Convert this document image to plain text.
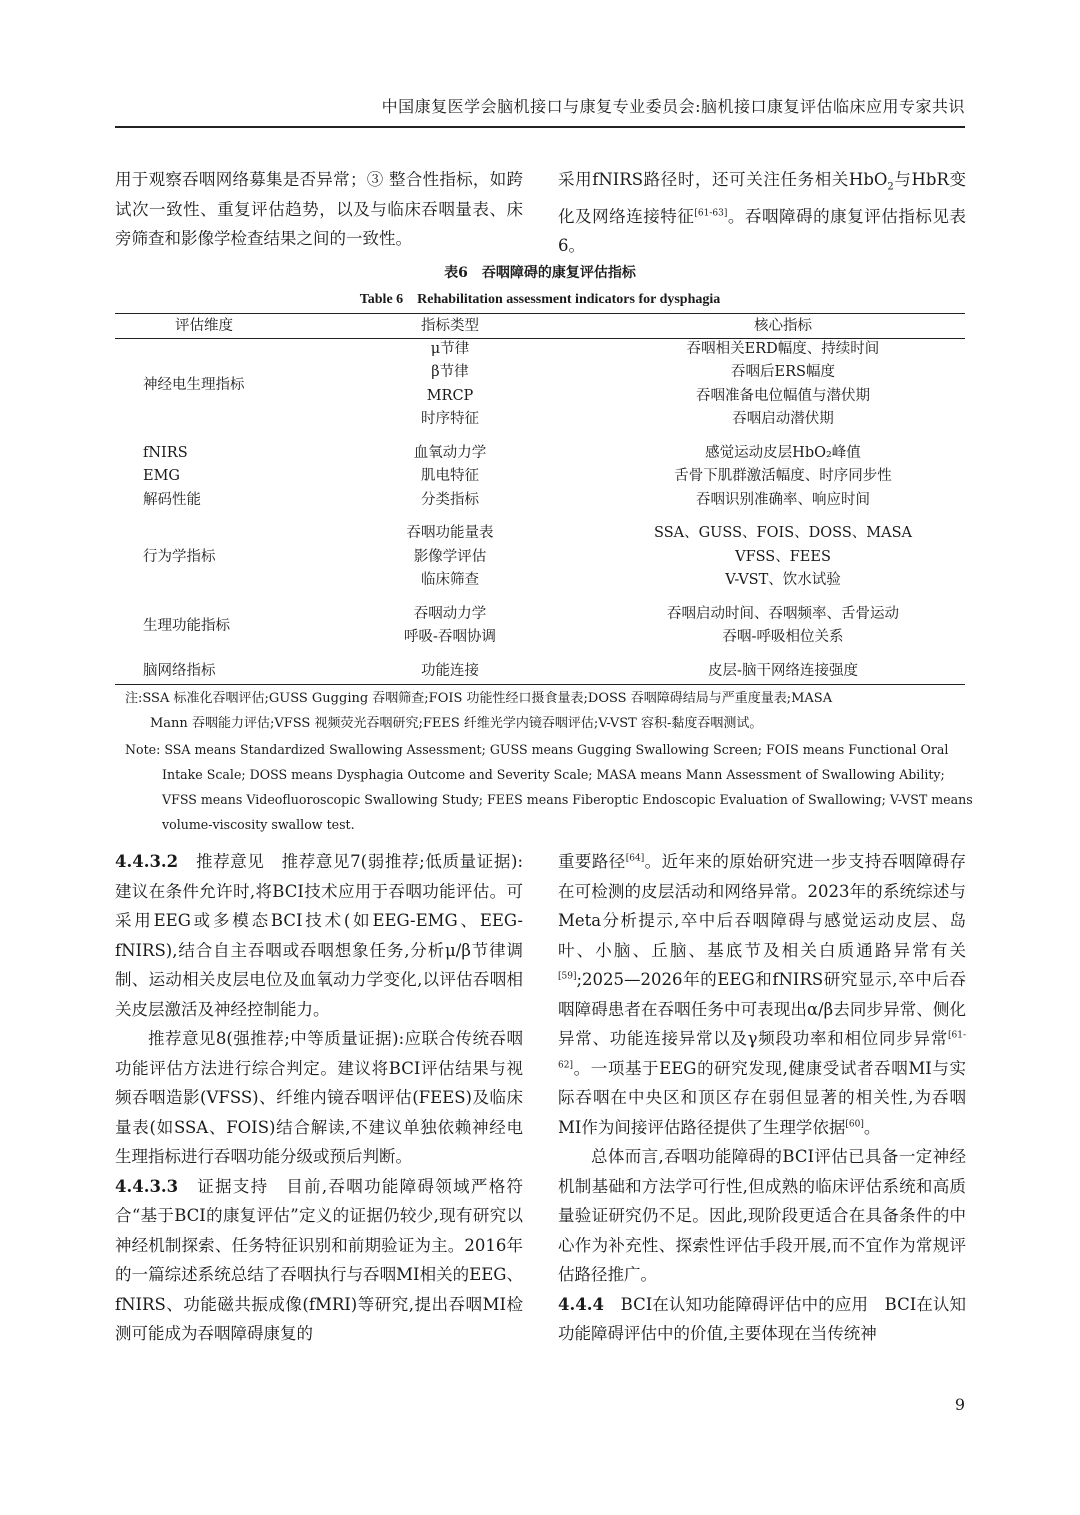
中国康复医学会脑机接口与康复专业委员会:脑机接口康复评估临床应用专家共识

用于观察吞咽网络募集是否异常；③ 整合性指标，如跨试次一致性、重复评估趋势，以及与临床吞咽量表、床旁筛查和影像学检查结果之间的一致性。

采用fNIRS路径时，还可关注任务相关HbO$_2$与HbR变化及网络连接特征[61-63]。吞咽障碍的康复评估指标见表6。

表6　吞咽障碍的康复评估指标
Table 6　Rehabilitation assessment indicators for dysphagia
评估维度	指标类型	核心指标
神经电生理指标
μ节律	吞咽相关ERD幅度、持续时间
β节律	吞咽后ERS幅度
MRCP	吞咽准备电位幅值与潜伏期
时序特征	吞咽启动潜伏期
fNIRS	血氧动力学	感觉运动皮层HbO₂峰值
EMG	肌电特征	舌骨下肌群激活幅度、时序同步性
解码性能	分类指标	吞咽识别准确率、响应时间
行为学指标
吞咽功能量表	SSA、GUSS、FOIS、DOSS、MASA
影像学评估	VFSS、FEES
临床筛查	V-VST、饮水试验
生理功能指标
吞咽动力学	吞咽启动时间、吞咽频率、舌骨运动
呼吸-吞咽协调	吞咽-呼吸相位关系
脑网络指标	功能连接	皮层-脑干网络连接强度
注:SSA 标准化吞咽评估;GUSS Gugging 吞咽筛查;FOIS 功能性经口摄食量表;DOSS 吞咽障碍结局与严重度量表;MASA
Mann 吞咽能力评估;VFSS 视频荧光吞咽研究;FEES 纤维光学内镜吞咽评估;V-VST 容积-黏度吞咽测试。
Note: SSA means Standardized Swallowing Assessment; GUSS means Gugging Swallowing Screen; FOIS means Functional Oral
Intake Scale; DOSS means Dysphagia Outcome and Severity Scale; MASA means Mann Assessment of Swallowing Ability;
VFSS means Videofluoroscopic Swallowing Study; FEES means Fiberoptic Endoscopic Evaluation of Swallowing; V-VST means
volume-viscosity swallow test.

4.4.3.2　 推荐意见　 推荐意见7(弱推荐;低质量证据):建议在条件允许时,将BCI技术应用于吞咽功能评估。可采用EEG或多模态BCI技术(如EEG-EMG、EEG-fNIRS),结合自主吞咽或吞咽想象任务,分析μ/β节律调制、运动相关皮层电位及血氧动力学变化,以评估吞咽相关皮层激活及神经控制能力。

推荐意见8(强推荐;中等质量证据):应联合传统吞咽功能评估方法进行综合判定。建议将BCI评估结果与视频吞咽造影(VFSS)、纤维内镜吞咽评估(FEES)及临床量表(如SSA、FOIS)结合解读,不建议单独依赖神经电生理指标进行吞咽功能分级或预后判断。

4.4.3.3　 证据支持　 目前,吞咽功能障碍领域严格符合“基于BCI的康复评估”定义的证据仍较少,现有研究以神经机制探索、任务特征识别和前期验证为主。2016年的一篇综述系统总结了吞咽执行与吞咽MI相关的EEG、fNIRS、功能磁共振成像(fMRI)等研究,提出吞咽MI检测可能成为吞咽障碍康复的

重要路径[64]。近年来的原始研究进一步支持吞咽障碍存在可检测的皮层活动和网络异常。2023年的系统综述与Meta分析提示,卒中后吞咽障碍与感觉运动皮层、岛叶、小脑、丘脑、基底节及相关白质通路异常有关[59];2025—2026年的EEG和fNIRS研究显示,卒中后吞咽障碍患者在吞咽任务中可表现出α/β去同步异常、侧化异常、功能连接异常以及γ频段功率和相位同步异常[61-62]。一项基于EEG的研究发现,健康受试者吞咽MI与实际吞咽在中央区和顶区存在弱但显著的相关性,为吞咽MI作为间接评估路径提供了生理学依据[60]。

总体而言,吞咽功能障碍的BCI评估已具备一定神经机制基础和方法学可行性,但成熟的临床评估系统和高质量验证研究仍不足。因此,现阶段更适合在具备条件的中心作为补充性、探索性评估手段开展,而不宜作为常规评估路径推广。

4.4.4　 BCI在认知功能障碍评估中的应用　 BCI在认知功能障碍评估中的价值,主要体现在当传统神

9
